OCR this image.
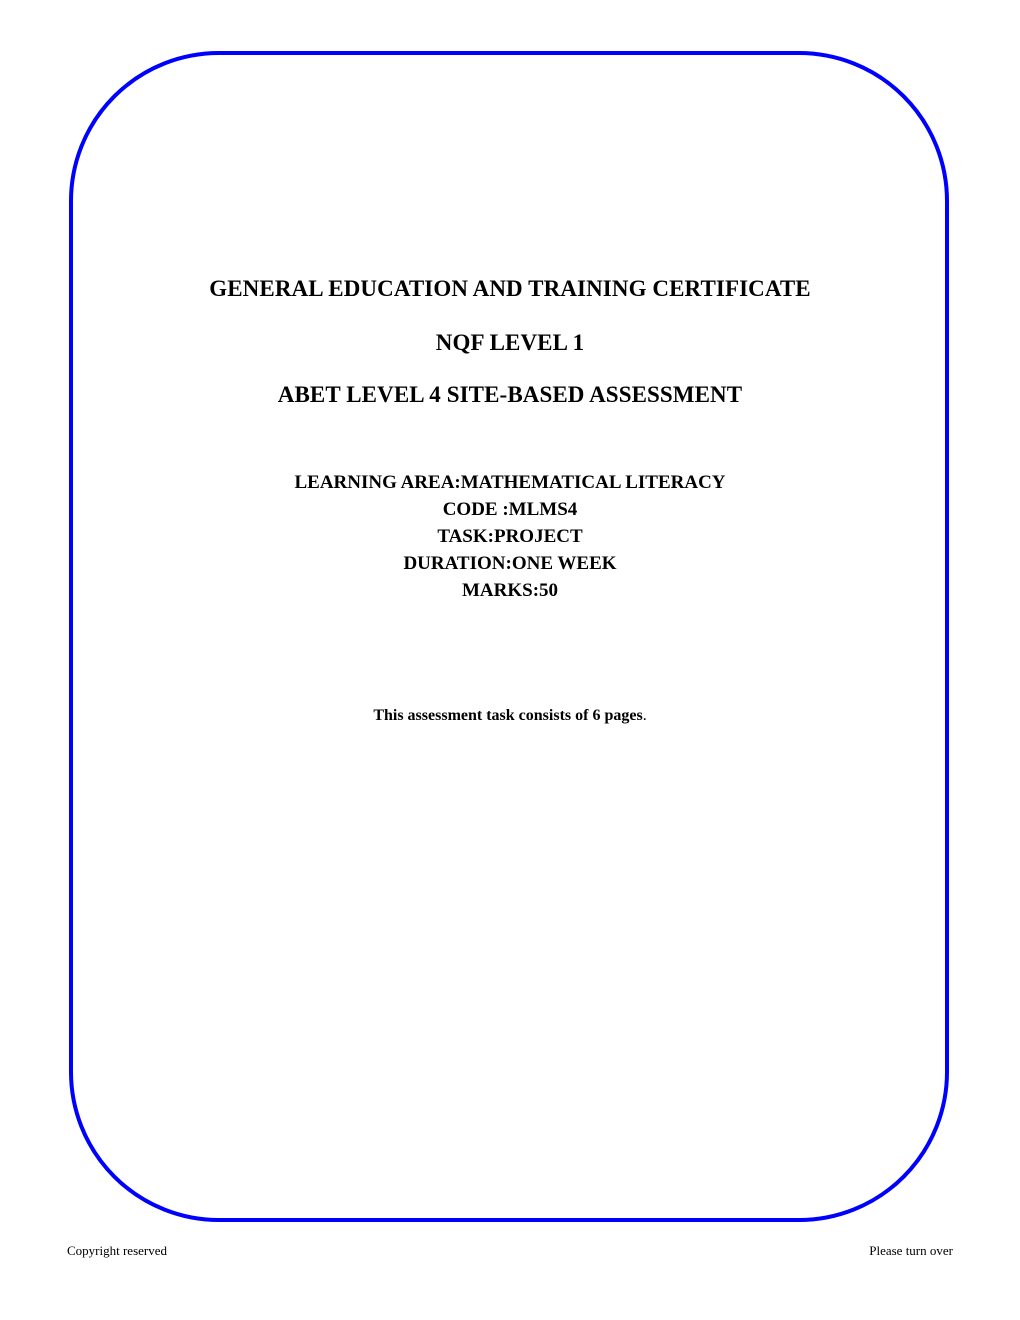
GENERAL EDUCATION AND TRAINING CERTIFICATE
NQF LEVEL 1
ABET LEVEL 4 SITE-BASED ASSESSMENT
LEARNING AREA:MATHEMATICAL LITERACY
CODE :MLMS4
TASK:PROJECT
DURATION:ONE WEEK
MARKS:50
This assessment task consists of 6 pages.
Copyright reserved	Please turn over
